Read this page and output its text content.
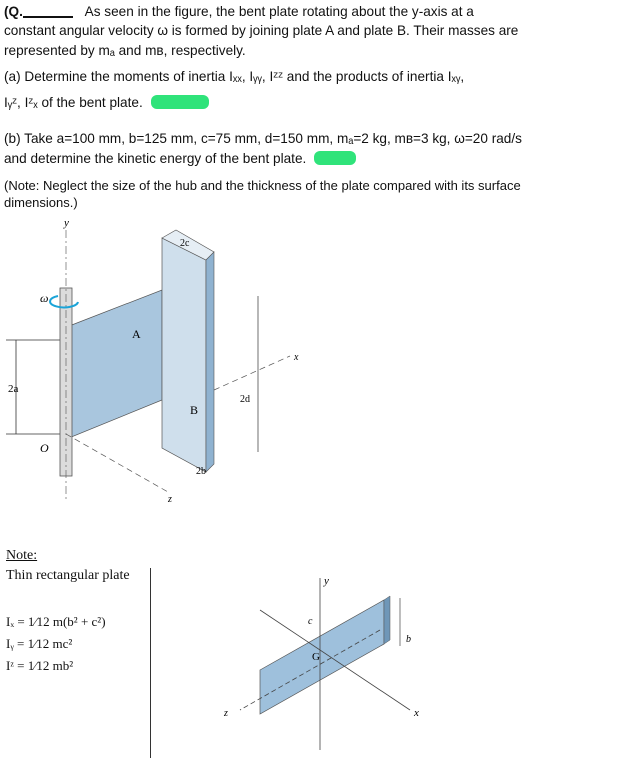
(Q.	As seen in the figure, the bent plate rotating about the y-axis at a
constant angular velocity ω is formed by joining plate A and plate B. Their masses are
represented by mₐ and mʙ, respectively.
(a) Determine the moments of inertia Iₓₓ, Iᵧᵧ, Iᶻᶻ and the products of inertia Iₓᵧ,
Iᵧᶻ, Iᶻₓ of the bent plate.
(b) Take a=100 mm, b=125 mm, c=75 mm, d=150 mm, mₐ=2 kg, mʙ=3 kg, ω=20 rad/s
and determine the kinetic energy of the bent plate.
(Note: Neglect the size of the hub and the thickness of the plate compared with its surface
dimensions.)
2a
y
ω
z
x
A
B
2c
2d
O
2b
Note:
Thin rectangular plate
Iₓ = 1⁄12 m(b² + c²)
Iᵧ = 1⁄12 mc²
Iᶻ = 1⁄12 mb²
y
x
z
G
c
b
